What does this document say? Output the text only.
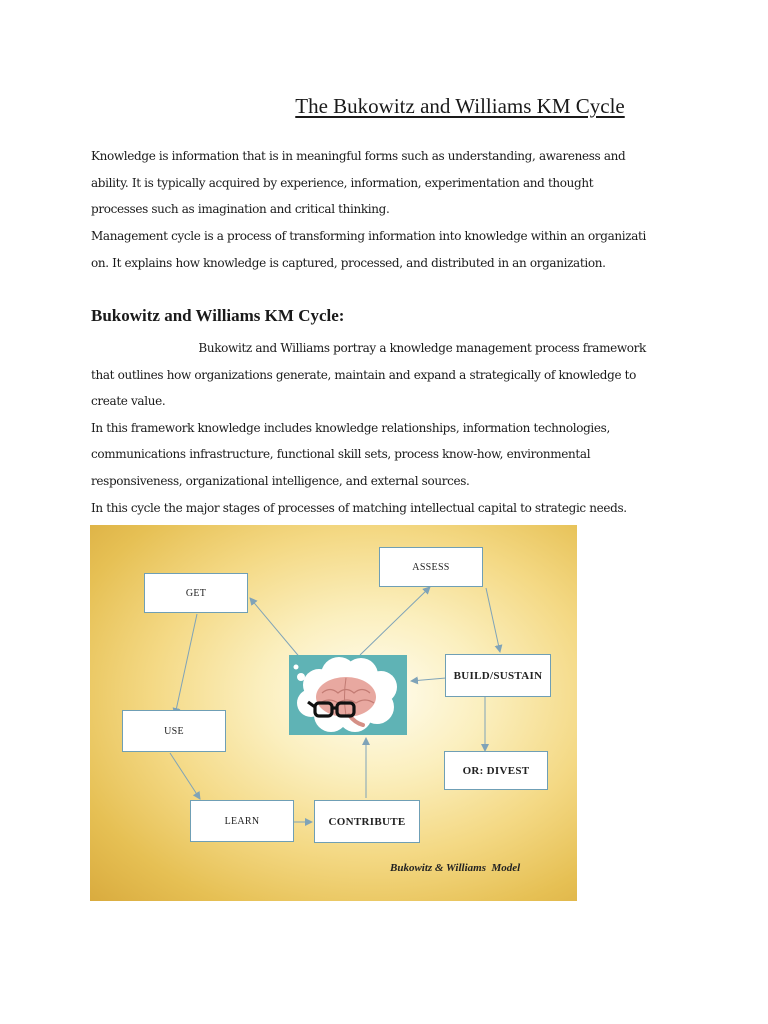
The Bukowitz and Williams KM Cycle

Knowledge is information that is in meaningful forms such as understanding, awareness and

ability. It is typically acquired by experience, information, experimentation and thought

processes such as imagination and critical thinking.

Management cycle is a process of transforming information into knowledge within an organizati

on. It explains how knowledge is captured, processed, and distributed in an organization.

Bukowitz and Williams KM Cycle:

Bukowitz and Williams portray a knowledge management process framework

that outlines how organizations generate, maintain and expand a strategically of knowledge to

create value.

In this framework knowledge includes knowledge relationships, information technologies,

communications infrastructure, functional skill sets, process know-how, environmental

responsiveness, organizational intelligence, and external sources.

In this cycle the major stages of processes of matching intellectual capital to strategic needs.

GET
ASSESS
BUILD/SUSTAIN
USE
OR: DIVEST
LEARN	CONTRIBUTE
Bukowitz & Williams  Model
